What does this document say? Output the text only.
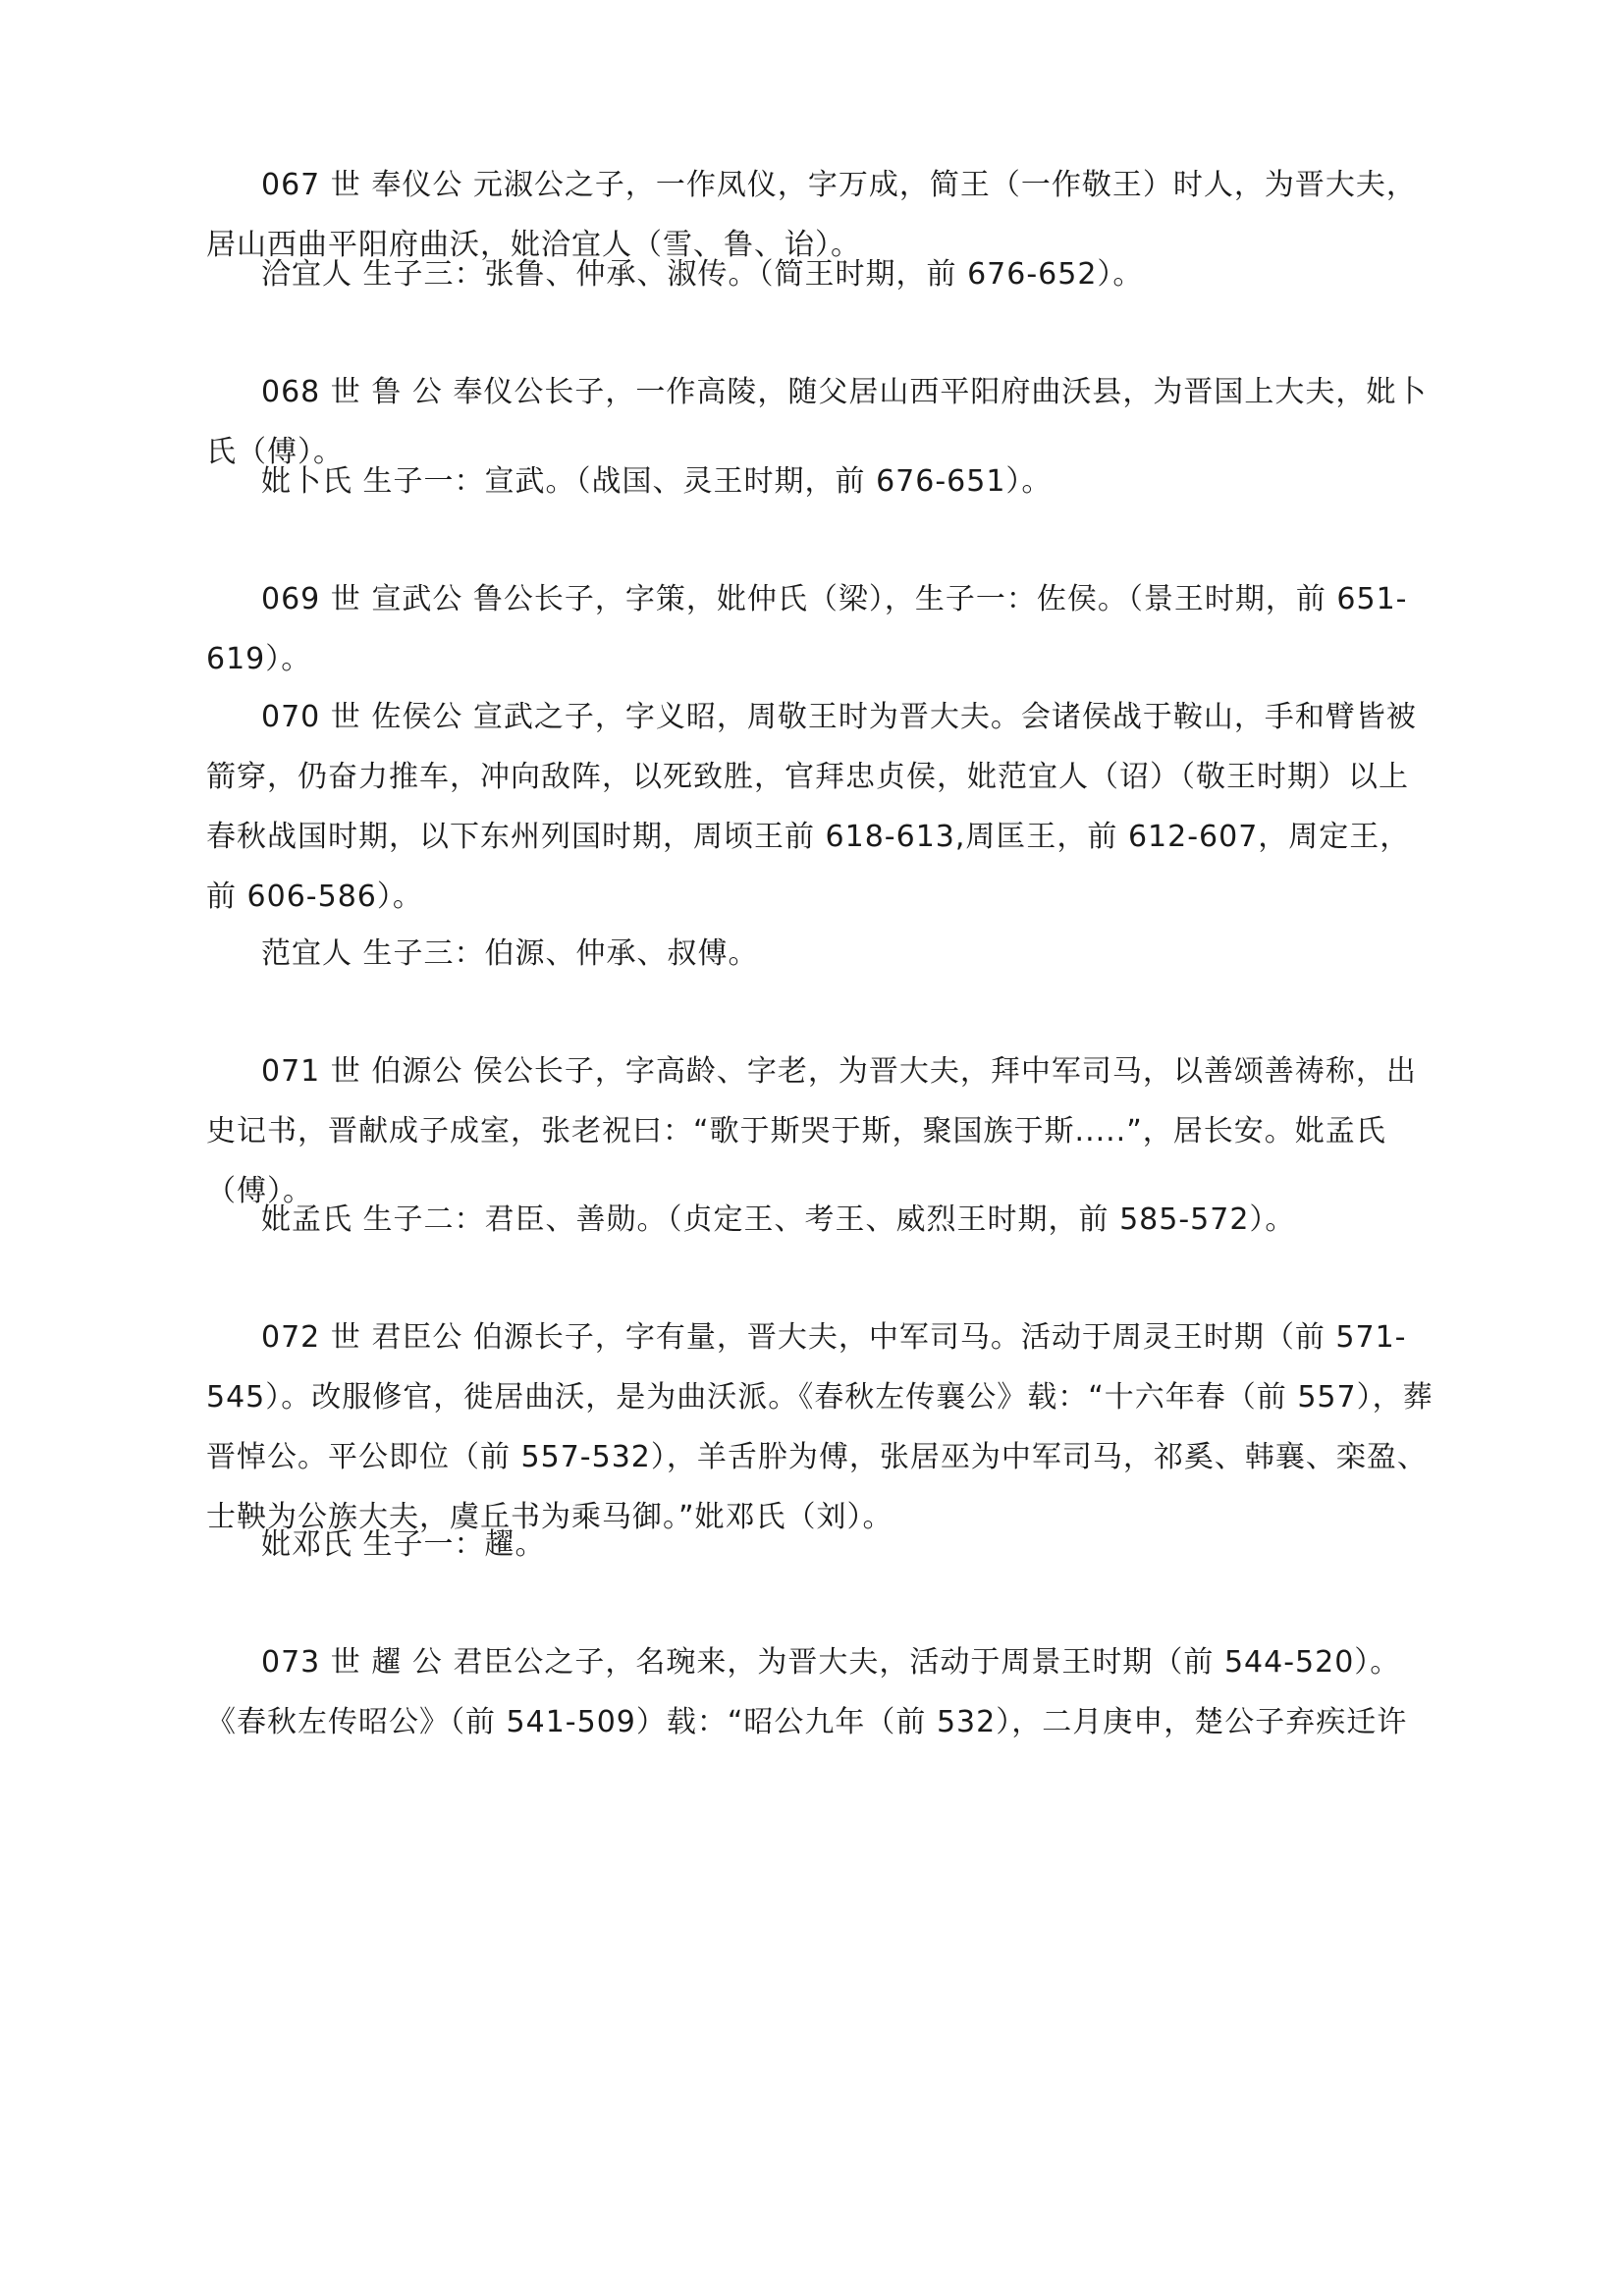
067 世 奉仪公 元淑公之子，一作凤仪，字万成，简王（一作敬王）时人，为晋大夫，居山西曲平阳府曲沃，妣洽宜人（雪、鲁、诒）。

洽宜人 生子三：张鲁、仲承、淑传。（简王时期，前 676-652）。

068 世 鲁 公 奉仪公长子，一作高陵，随父居山西平阳府曲沃县，为晋国上大夫，妣卜氏（傅）。

妣卜氏 生子一：宣武。（战国、灵王时期，前 676-651）。

069 世 宣武公 鲁公长子，字策，妣仲氏（梁），生子一：佐侯。（景王时期，前 651-619）。

070 世 佐侯公 宣武之子，字义昭，周敬王时为晋大夫。会诸侯战于鞍山，手和臂皆被箭穿，仍奋力推车，冲向敌阵，以死致胜，官拜忠贞侯，妣范宜人（诏）（敬王时期）以上春秋战国时期，以下东州列国时期，周顷王前 618-613,周匡王，前 612-607，周定王，前 606-586）。

范宜人 生子三：伯源、仲承、叔傅。

071 世 伯源公 侯公长子，字高龄、字老，为晋大夫，拜中军司马，以善颂善祷称，出史记书，晋献成子成室，张老祝曰：“歌于斯哭于斯，聚国族于斯.....”，居长安。妣孟氏（傅）。

妣孟氏 生子二：君臣、善勋。（贞定王、考王、威烈王时期，前 585-572）。

072 世 君臣公 伯源长子，字有量，晋大夫，中军司马。活动于周灵王时期（前 571-545）。改服修官，徙居曲沃，是为曲沃派。《春秋左传襄公》载：“十六年春（前 557），葬晋悼公。平公即位（前 557-532），羊舌肸为傅，张居巫为中军司马，祁奚、韩襄、栾盈、士鞅为公族大夫，虞丘书为乘马御。”妣邓氏（刘）。

妣邓氏 生子一：趯。

073 世 趯 公 君臣公之子，名琬来，为晋大夫，活动于周景王时期（前 544-520）。《春秋左传昭公》（前 541-509）载：“昭公九年（前 532），二月庚申，楚公子弃疾迁许
